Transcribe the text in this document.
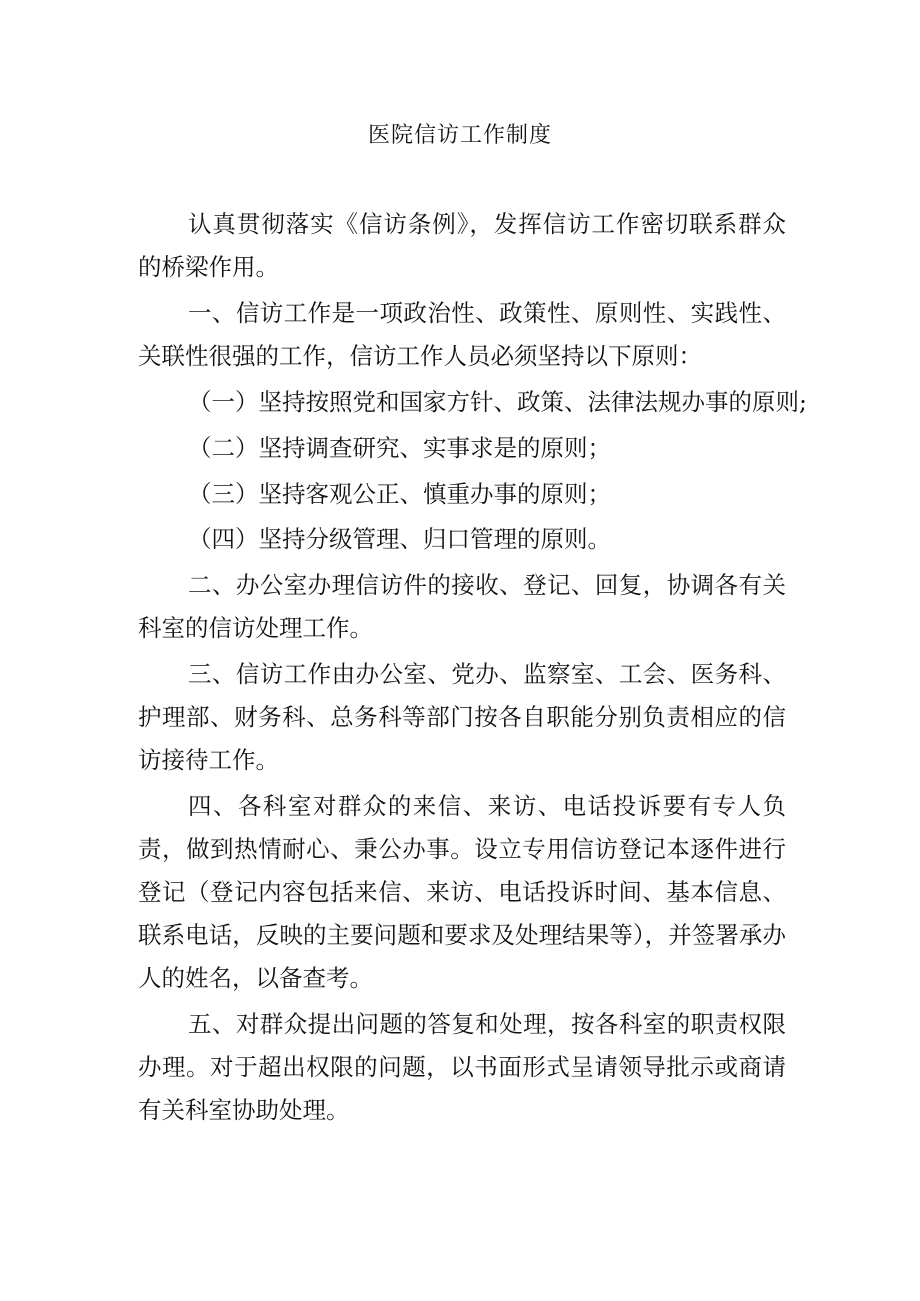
医院信访工作制度

认真贯彻落实《信访条例》，发挥信访工作密切联系群众的桥梁作用。

一、信访工作是一项政治性、政策性、原则性、实践性、关联性很强的工作，信访工作人员必须坚持以下原则：

（一）坚持按照党和国家方针、政策、法律法规办事的原则;

（二）坚持调查研究、实事求是的原则；

（三）坚持客观公正、慎重办事的原则；

（四）坚持分级管理、归口管理的原则。

二、办公室办理信访件的接收、登记、回复，协调各有关科室的信访处理工作。

三、信访工作由办公室、党办、监察室、工会、医务科、护理部、财务科、总务科等部门按各自职能分别负责相应的信访接待工作。

四、各科室对群众的来信、来访、电话投诉要有专人负责，做到热情耐心、秉公办事。设立专用信访登记本逐件进行登记（登记内容包括来信、来访、电话投诉时间、基本信息、联系电话，反映的主要问题和要求及处理结果等），并签署承办人的姓名，以备查考。

五、对群众提出问题的答复和处理，按各科室的职责权限办理。对于超出权限的问题，以书面形式呈请领导批示或商请有关科室协助处理。
